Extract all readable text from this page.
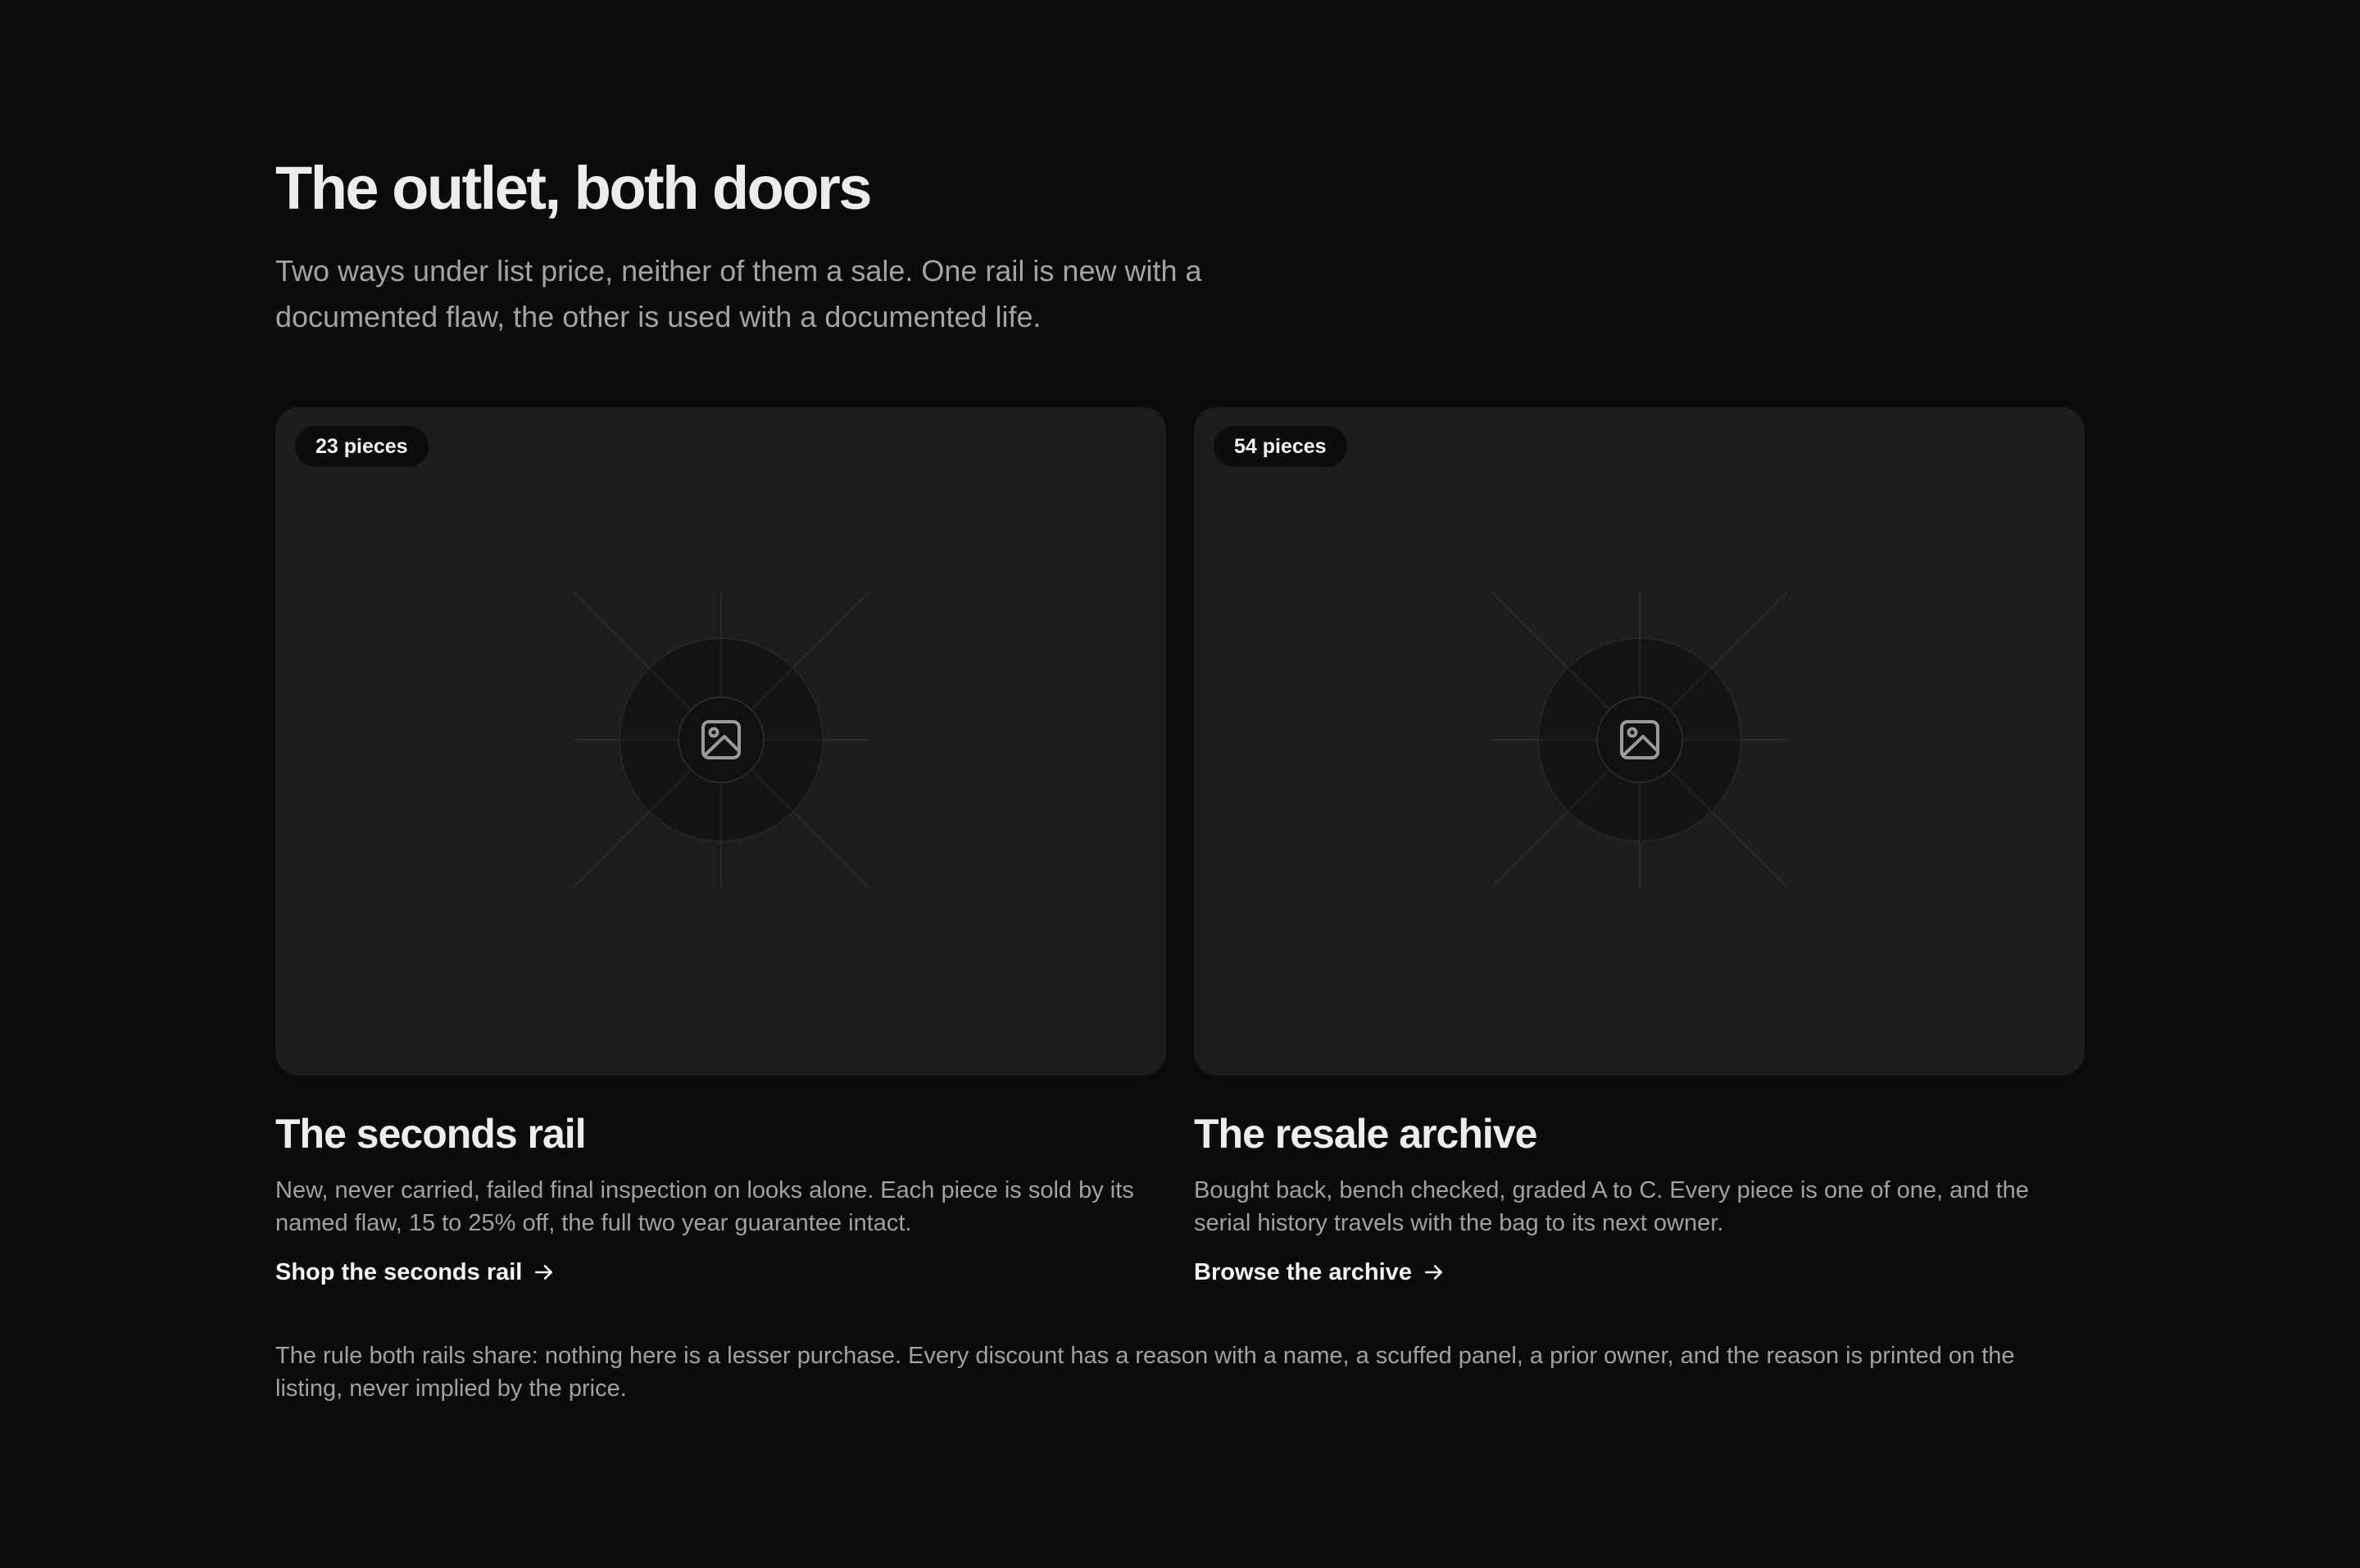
The outlet, both doors

Two ways under list price, neither of them a sale. One rail is new with a documented flaw, the other is used with a documented life.

23 pieces
The seconds rail

New, never carried, failed final inspection on looks alone. Each piece is sold by its named flaw, 15 to 25% off, the full two year guarantee intact.

Shop the seconds rail
54 pieces
The resale archive

Bought back, bench checked, graded A to C. Every piece is one of one, and the serial history travels with the bag to its next owner.

Browse the archive

The rule both rails share: nothing here is a lesser purchase. Every discount has a reason with a name, a scuffed panel, a prior owner, and the reason is printed on the listing, never implied by the price.
